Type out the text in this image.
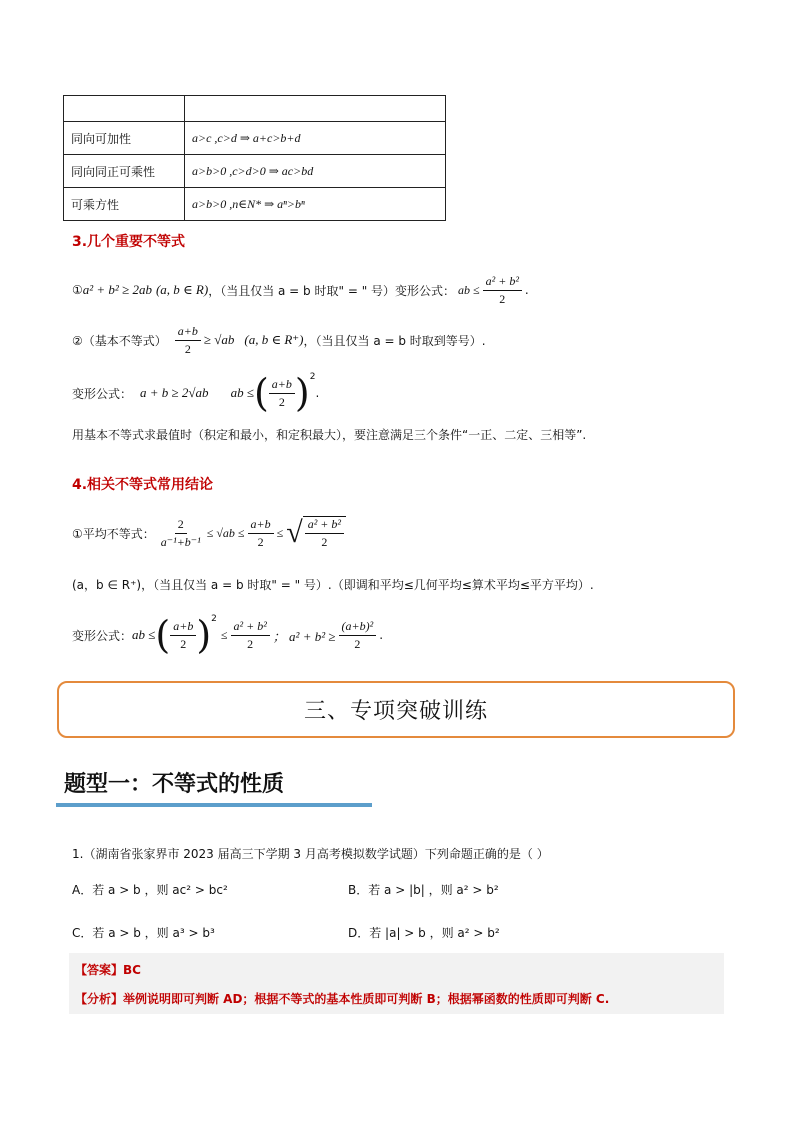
同向可加性	a>c ,c>d ⇒ a+c>b+d
同向同正可乘性	a>b>0 ,c>d>0 ⇒ ac>bd
可乘方性	a>b>0 ,n∈N* ⇒ aⁿ>bⁿ
3.几个重要不等式
① a² + b² ≥ 2ab (a, b ∈ R) ，（当且仅当 a = b 时取" = " 号）变形公式： ab ≤ $\frac{\text{a² + b²}}{2}$ .
②（基本不等式） $\frac{a+b}{2} \ge √ab$ (a, b ∈ R⁺) ，（当且仅当 a = b 时取到等号）.
变形公式： a + b ≥ 2√ab ab ≤ ( $\frac{a+b}{2}$ ) 2
.
用基本不等式求最值时（积定和最小，和定积最大），要注意满足三个条件“一正、二定、三相等”.
4.相关不等式常用结论
①平均不等式： $\frac{2}{\text{a⁻¹+b⁻¹}} \le √ab \le \frac{a+b}{2}$ ≤ √ $\frac{\text{a² + b²}}{2}$
(a，b ∈ R⁺)，（当且仅当 a = b 时取" = " 号）.（即调和平均≤几何平均≤算术平均≤平方平均）.
变形公式： ab ≤ ( $\frac{a+b}{2}$ ) 2
≤ $\frac{\text{a² + b²}}{2}$ ； $a^2 + b^2 \ge \frac{\text{(a+b)²}}{2}$ .
三、专项突破训练
题型一：不等式的性质
1.（湖南省张家界市 2023 届高三下学期 3 月高考模拟数学试题）下列命题正确的是（ ）
A．若 a > b ，则 ac² > bc²	B．若 a > |b| ，则 a² > b²
C．若 a > b ，则 a³ > b³	D．若 |a| > b ，则 a² > b²
【答案】BC
【分析】举例说明即可判断 AD；根据不等式的基本性质即可判断 B；根据幂函数的性质即可判断 C.
